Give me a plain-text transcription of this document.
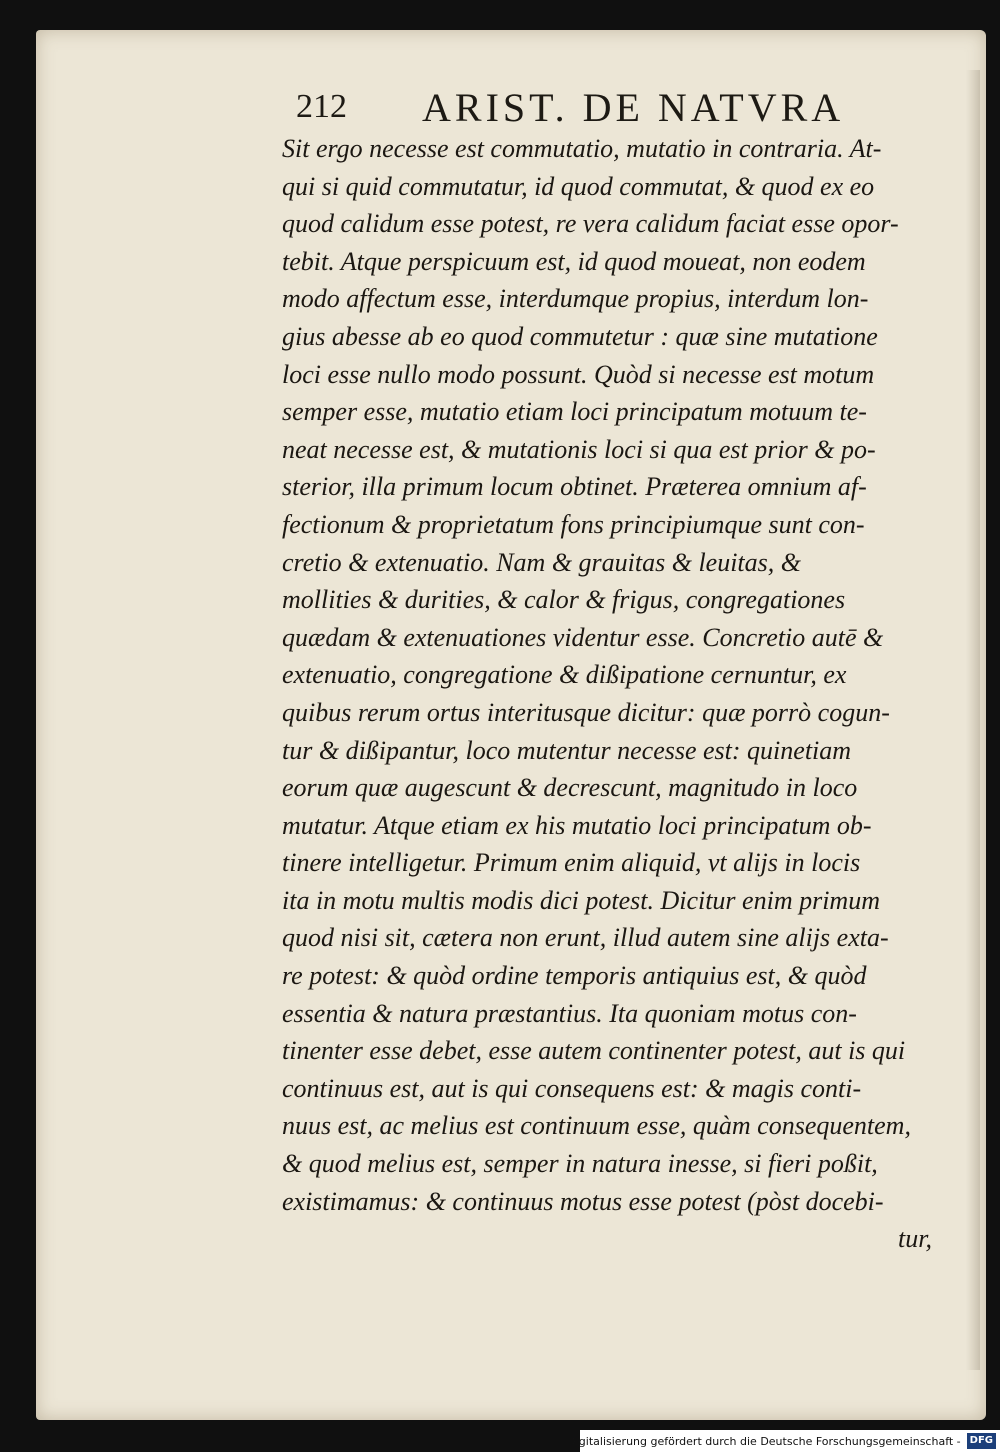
212 ARIST. DE NATVRA
Sit ergo necesse est commutatio, mutatio in contraria. At-
qui si quid commutatur, id quod commutat, & quod ex eo
quod calidum esse potest, re vera calidum faciat esse opor-
tebit. Atque perspicuum est, id quod moueat, non eodem
modo affectum esse, interdumque propius, interdum lon-
gius abesse ab eo quod commutetur : quæ sine mutatione
loci esse nullo modo possunt. Quòd si necesse est motum
semper esse, mutatio etiam loci principatum motuum te-
neat necesse est, & mutationis loci si qua est prior & po-
sterior, illa primum locum obtinet. Præterea omnium af-
fectionum & proprietatum fons principiumque sunt con-
cretio & extenuatio. Nam & grauitas & leuitas, &
mollities & durities, & calor & frigus, congregationes
quædam & extenuationes videntur esse. Concretio autē &
extenuatio, congregatione & dißipatione cernuntur, ex
quibus rerum ortus interitusque dicitur: quæ porrò cogun-
tur & dißipantur, loco mutentur necesse est: quinetiam
eorum quæ augescunt & decrescunt, magnitudo in loco
mutatur. Atque etiam ex his mutatio loci principatum ob-
tinere intelligetur. Primum enim aliquid, vt alijs in locis
ita in motu multis modis dici potest. Dicitur enim primum
quod nisi sit, cætera non erunt, illud autem sine alijs extа-
re potest: & quòd ordine temporis antiquius est, & quòd
essentia & natura præstantius. Ita quoniam motus con-
tinenter esse debet, esse autem continenter potest, aut is qui
continuus est, aut is qui consequens est: & magis conti-
nuus est, ac melius est continuum esse, quàm consequentem,
& quod melius est, semper in natura inesse, si fieri poßit,
existimamus: & continuus motus esse potest (pòst docebi-
tur,
Digitalisierung gefördert durch die Deutsche Forschungsgemeinschaft - DFG
